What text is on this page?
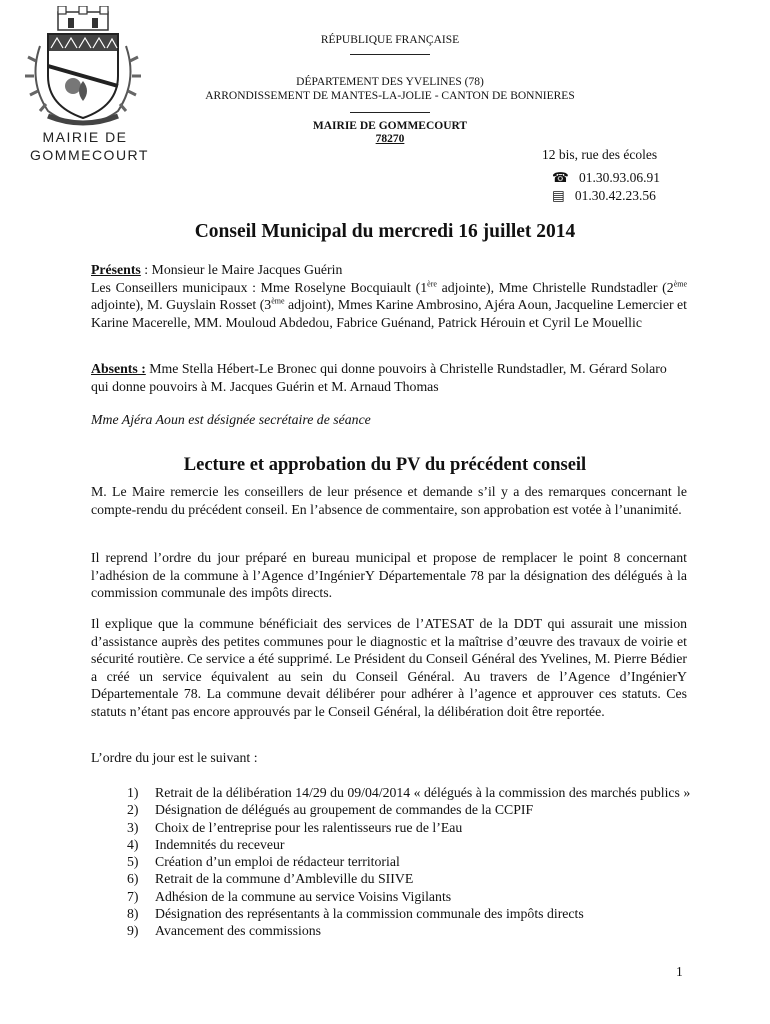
MAIRIE DE
GOMMECOURT
RÉPUBLIQUE FRANÇAISE
DÉPARTEMENT DES YVELINES (78)
ARRONDISSEMENT DE MANTES-LA-JOLIE - CANTON DE BONNIERES
MAIRIE DE GOMMECOURT
78270
12 bis, rue des écoles
☎ 01.30.93.06.91
▤ 01.30.42.23.56
Conseil Municipal du mercredi 16 juillet 2014
Présents : Monsieur le Maire Jacques Guérin
Les Conseillers municipaux : Mme Roselyne Bocquiault (1ère adjointe), Mme Christelle Rundstadler (2ème adjointe), M. Guyslain Rosset (3ème adjoint), Mmes Karine Ambrosino, Ajéra Aoun, Jacqueline Lemercier et Karine Macerelle, MM. Mouloud Abdedou, Fabrice Guénand, Patrick Hérouin et Cyril Le Mouellic
Absents : Mme Stella Hébert-Le Bronec qui donne pouvoirs à Christelle Rundstadler, M. Gérard Solaro qui donne pouvoirs à M. Jacques Guérin et M. Arnaud Thomas
Mme Ajéra Aoun est désignée secrétaire de séance
Lecture et approbation du PV du précédent conseil
M. Le Maire remercie les conseillers de leur présence et demande s’il y a des remarques concernant le compte-rendu du précédent conseil. En l’absence de commentaire, son approbation est votée à l’unanimité.
Il reprend l’ordre du jour préparé en bureau municipal et propose de remplacer le point 8 concernant l’adhésion de la commune à l’Agence d’IngénierY Départementale 78 par la désignation des délégués à la commission communale des impôts directs.
Il explique que la commune bénéficiait des services de l’ATESAT de la DDT qui assurait une mission d’assistance auprès des petites communes pour le diagnostic et la maîtrise d’œuvre des travaux de voirie et sécurité routière. Ce service a été supprimé. Le Président du Conseil Général des Yvelines, M. Pierre Bédier a créé un service équivalent au sein du Conseil Général. Au travers de l’Agence d’IngénierY Départementale 78. La commune devait délibérer pour adhérer à l’agence et approuver ces statuts. Ces statuts n’étant pas encore approuvés par le Conseil Général, la délibération doit être reportée.
L’ordre du jour est le suivant :
1) Retrait de la délibération 14/29 du 09/04/2014 « délégués à la commission des marchés publics »
2) Désignation de délégués au groupement de commandes de la CCPIF
3) Choix de l’entreprise pour les ralentisseurs rue de l’Eau
4) Indemnités du receveur
5) Création d’un emploi de rédacteur territorial
6) Retrait de la commune d’Ambleville du SIIVE
7) Adhésion de la commune au service Voisins Vigilants
8) Désignation des représentants à la commission communale des impôts directs
9) Avancement des commissions
1
